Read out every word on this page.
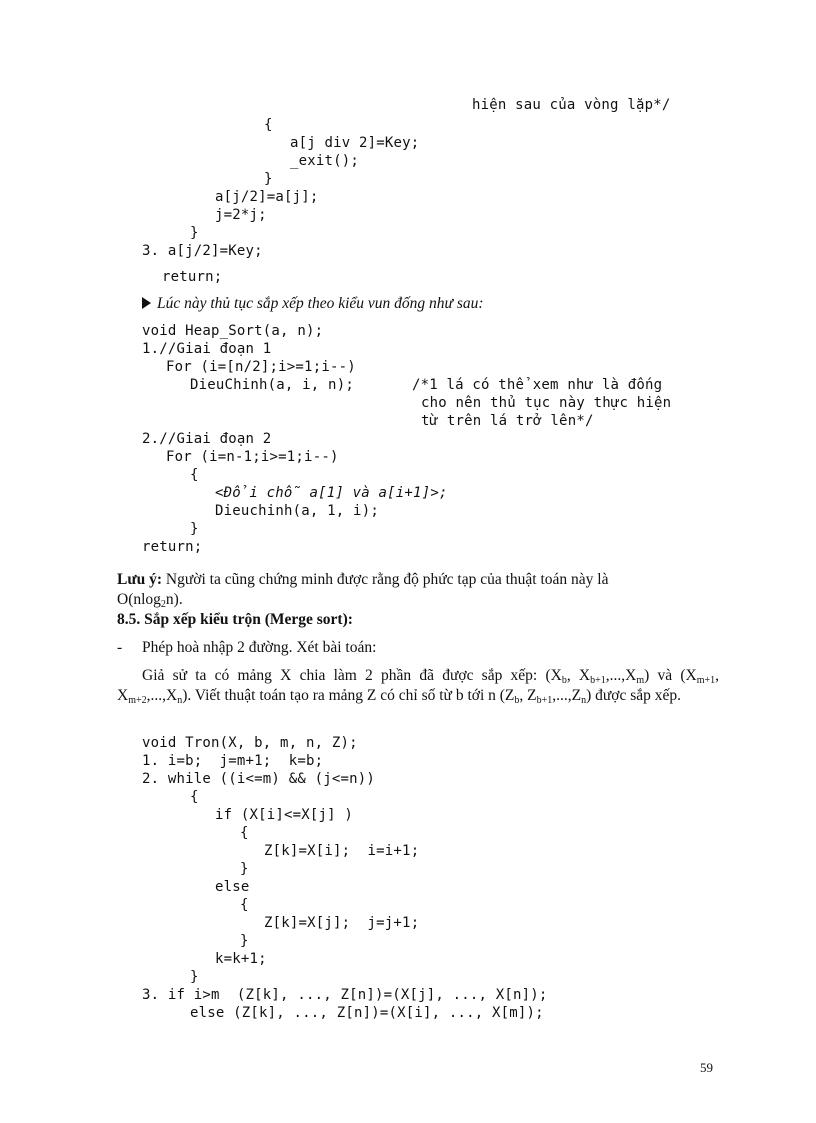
hiện sau của vòng lặp*/
{
a[j div 2]=Key;
_exit();
}
a[j/2]=a[j];
j=2*j;
}
3. a[j/2]=Key;
return;
Lúc này thủ tục sắp xếp theo kiểu vun đống như sau:
void Heap_Sort(a, n);
1.//Giai đoạn 1
For (i=[n/2];i>=1;i--)
DieuChinh(a, i, n);	/*1 lá có thể xem như là đống
cho nên thủ tục này thực hiện
từ trên lá trở lên*/
2.//Giai đoạn 2
For (i=n-1;i>=1;i--)
{
<Đổi chỗ a[1] và a[i+1]>;
Dieuchinh(a, 1, i);
}
return;
Lưu ý: Người ta cũng chứng minh được rằng độ phức tạp của thuật toán này là
O(nlog$_2$n).
8.5. Sắp xếp kiểu trộn (Merge sort):
- Phép hoà nhập 2 đường. Xét bài toán:
Giả sử ta có mảng X chia làm 2 phần đã được sắp xếp: ($X_b$, $X_{b+1},...,X_m$) và ($X_{m+1}$, $X_{m+2},...,X_n$). Viết thuật toán tạo ra mảng Z có chỉ số từ b tới n ($Z_b$, $Z_{b+1},...,Z_n$) được sắp xếp.
void Tron(X, b, m, n, Z);
1. i=b;  j=m+1;  k=b;
2. while ((i<=m) && (j<=n))
{
if (X[i]<=X[j] )
{
Z[k]=X[i];  i=i+1;
}
else
{
Z[k]=X[j];  j=j+1;
}
k=k+1;
}
3. if i>m  (Z[k], ..., Z[n])=(X[j], ..., X[n]);
else (Z[k], ..., Z[n])=(X[i], ..., X[m]);
59
